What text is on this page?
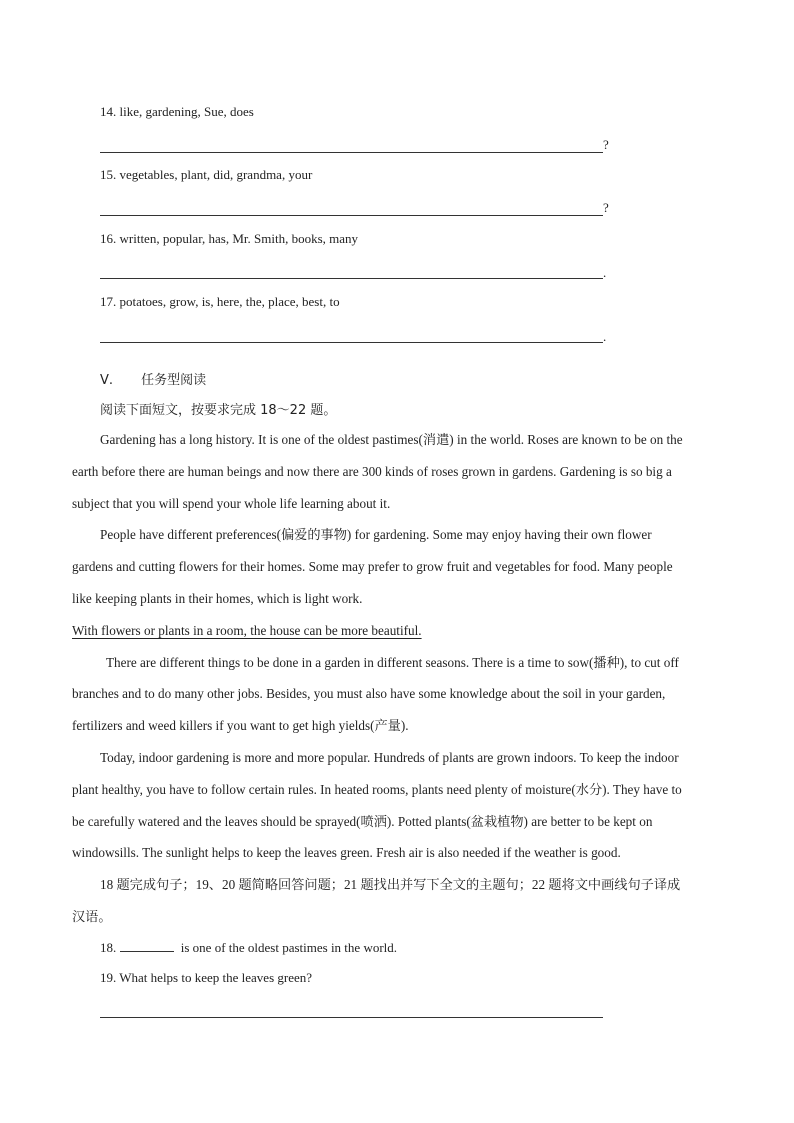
14. like, gardening, Sue, does
?
15. vegetables, plant, did, grandma, your
?
16. written, popular, has, Mr. Smith, books, many
.
17. potatoes, grow, is, here, the, place, best, to
.
Ⅴ. 任务型阅读
阅读下面短文，按要求完成 18～22 题。

Gardening has a long history. It is one of the oldest pastimes(消遣) in the world. Roses are known to be on the

earth before there are human beings and now there are 300 kinds of roses grown in gardens. Gardening is so big a

subject that you will spend your whole life learning about it.

People have different preferences(偏爱的事物) for gardening. Some may enjoy having their own flower

gardens and cutting flowers for their homes. Some may prefer to grow fruit and vegetables for food. Many people

like keeping plants in their homes, which is light work.

With flowers or plants in a room, the house can be more beautiful.

There are different things to be done in a garden in different seasons. There is a time to sow(播种), to cut off

branches and to do many other jobs. Besides, you must also have some knowledge about the soil in your garden,

fertilizers and weed killers if you want to get high yields(产量).

Today, indoor gardening is more and more popular. Hundreds of plants are grown indoors. To keep the indoor

plant healthy, you have to follow certain rules. In heated rooms, plants need plenty of moisture(水分). They have to

be carefully watered and the leaves should be sprayed(喷洒). Potted plants(盆栽植物) are better to be kept on

windowsills. The sunlight helps to keep the leaves green. Fresh air is also needed if the weather is good.

18 题完成句子；19、20 题简略回答问题；21 题找出并写下全文的主题句；22 题将文中画线句子译成

汉语。

18.	is one of the oldest pastimes in the world.
19. What helps to keep the leaves green?
